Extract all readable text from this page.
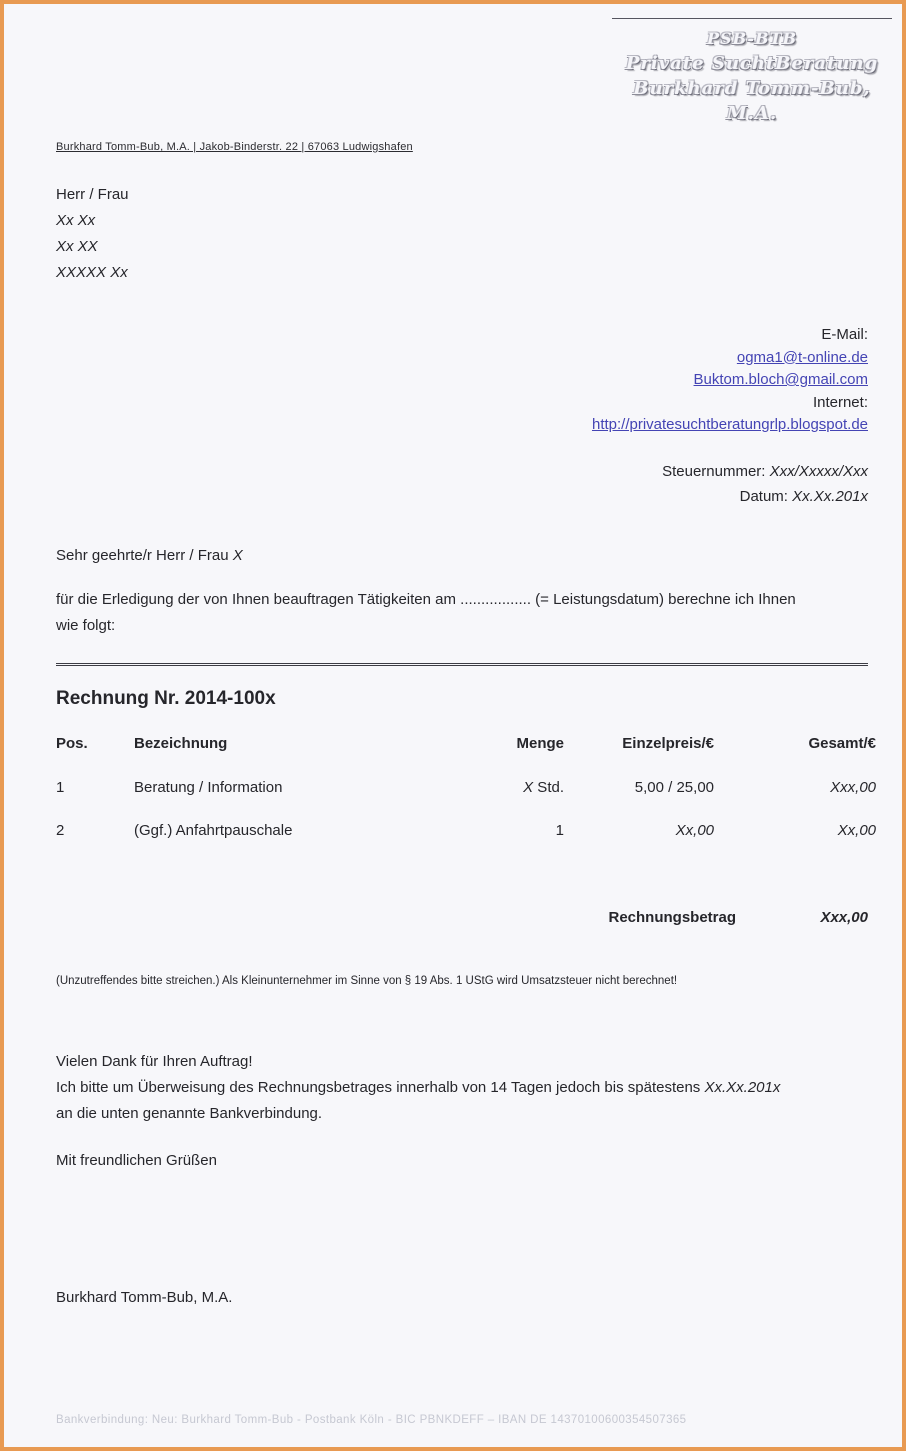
PSB-BTB
Private SuchtBeratung
Burkhard Tomm-Bub, M.A.
Burkhard Tomm-Bub, M.A. | Jakob-Binderstr. 22 | 67063 Ludwigshafen
Herr / Frau
Xx Xx
Xx XX
XXXXX Xx
E-Mail:
ogma1@t-online.de
Buktom.bloch@gmail.com
Internet:
http://privatesuchtberatungrlp.blogspot.de
Steuernummer: Xxx/Xxxxx/Xxx
Datum: Xx.Xx.201x
Sehr geehrte/r Herr / Frau X
für die Erledigung der von Ihnen beauftragen Tätigkeiten am ................. (= Leistungsdatum) berechne ich Ihnen
wie folgt:
Rechnung Nr. 2014-100x
Pos.	Bezeichnung	Menge	Einzelpreis/€	Gesamt/€
1	Beratung / Information	X Std.	5,00 / 25,00	Xxx,00
2	(Ggf.) Anfahrtpauschale	1	Xx,00	Xx,00
Rechnungsbetrag	Xxx,00
(Unzutreffendes bitte streichen.) Als Kleinunternehmer im Sinne von § 19 Abs. 1 UStG wird Umsatzsteuer nicht berechnet!
Vielen Dank für Ihren Auftrag!
Ich bitte um Überweisung des Rechnungsbetrages innerhalb von 14 Tagen jedoch bis spätestens Xx.Xx.201x
an die unten genannte Bankverbindung.
Mit freundlichen Grüßen
Burkhard Tomm-Bub, M.A.
Bankverbindung: Neu: Burkhard Tomm-Bub - Postbank Köln - BIC PBNKDEFF – IBAN DE 14370100600354507365
